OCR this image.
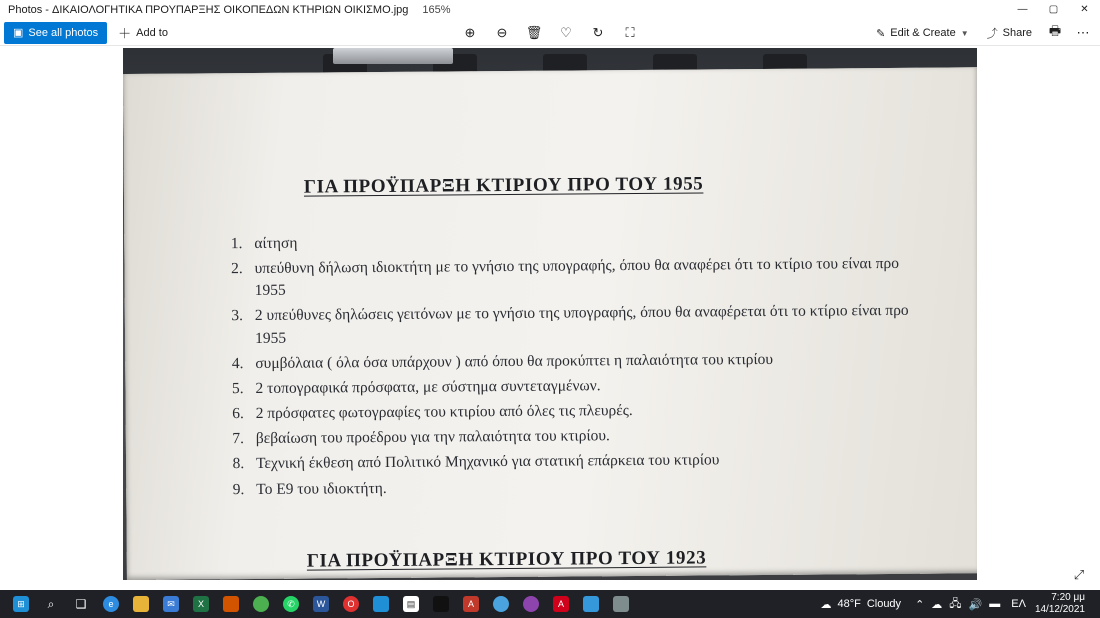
Photos - ΔΙΚΑΙΟΛΟΓΗΤΙΚΑ ΠΡΟΥΠΑΡΞΗΣ ΟΙΚΟΠΕΔΩΝ ΚΤΗΡΙΩΝ ΟΙΚΙΣΜΟ.jpg	165%	—	▢	✕
▣ See all photos ＋ Add to	⊕	⊖	🗑	♡	↻	⛶	✎ Edit & Create ▼ ⤴ Share	🖶	⋯
ΓΙΑ ΠΡΟΫΠΑΡΞΗ ΚΤΙΡΙΟΥ ΠΡΟ ΤΟΥ 1955
1. αίτηση
2. υπεύθυνη δήλωση ιδιοκτήτη με το γνήσιο της υπογραφής, όπου θα αναφέρει ότι το κτίριο του είναι προ 1955
3. 2 υπεύθυνες δηλώσεις γειτόνων με το γνήσιο της υπογραφής, όπου θα αναφέρεται ότι το κτίριο είναι προ 1955
4. συμβόλαια ( όλα όσα υπάρχουν ) από όπου θα προκύπτει η παλαιότητα του κτιρίου
5. 2 τοπογραφικά πρόσφατα, με σύστημα συντεταγμένων.
6. 2 πρόσφατες φωτογραφίες του κτιρίου από όλες τις πλευρές.
7. βεβαίωση του προέδρου για την παλαιότητα του κτιρίου.
8. Τεχνική έκθεση από Πολιτικό Μηχανικό για στατική επάρκεια του κτιρίου
9. Το Ε9 του ιδιοκτήτη.
ΓΙΑ ΠΡΟΫΠΑΡΞΗ ΚΤΙΡΙΟΥ ΠΡΟ ΤΟΥ 1923
⤢
⊞	⌕	❑	e	✉	X	✆	W	O	▤	A	A	☁ 48°F Cloudy ⌃ ☁ 🖧 🔊 ▬	ΕΛ
7:20 μμ
14/12/2021
